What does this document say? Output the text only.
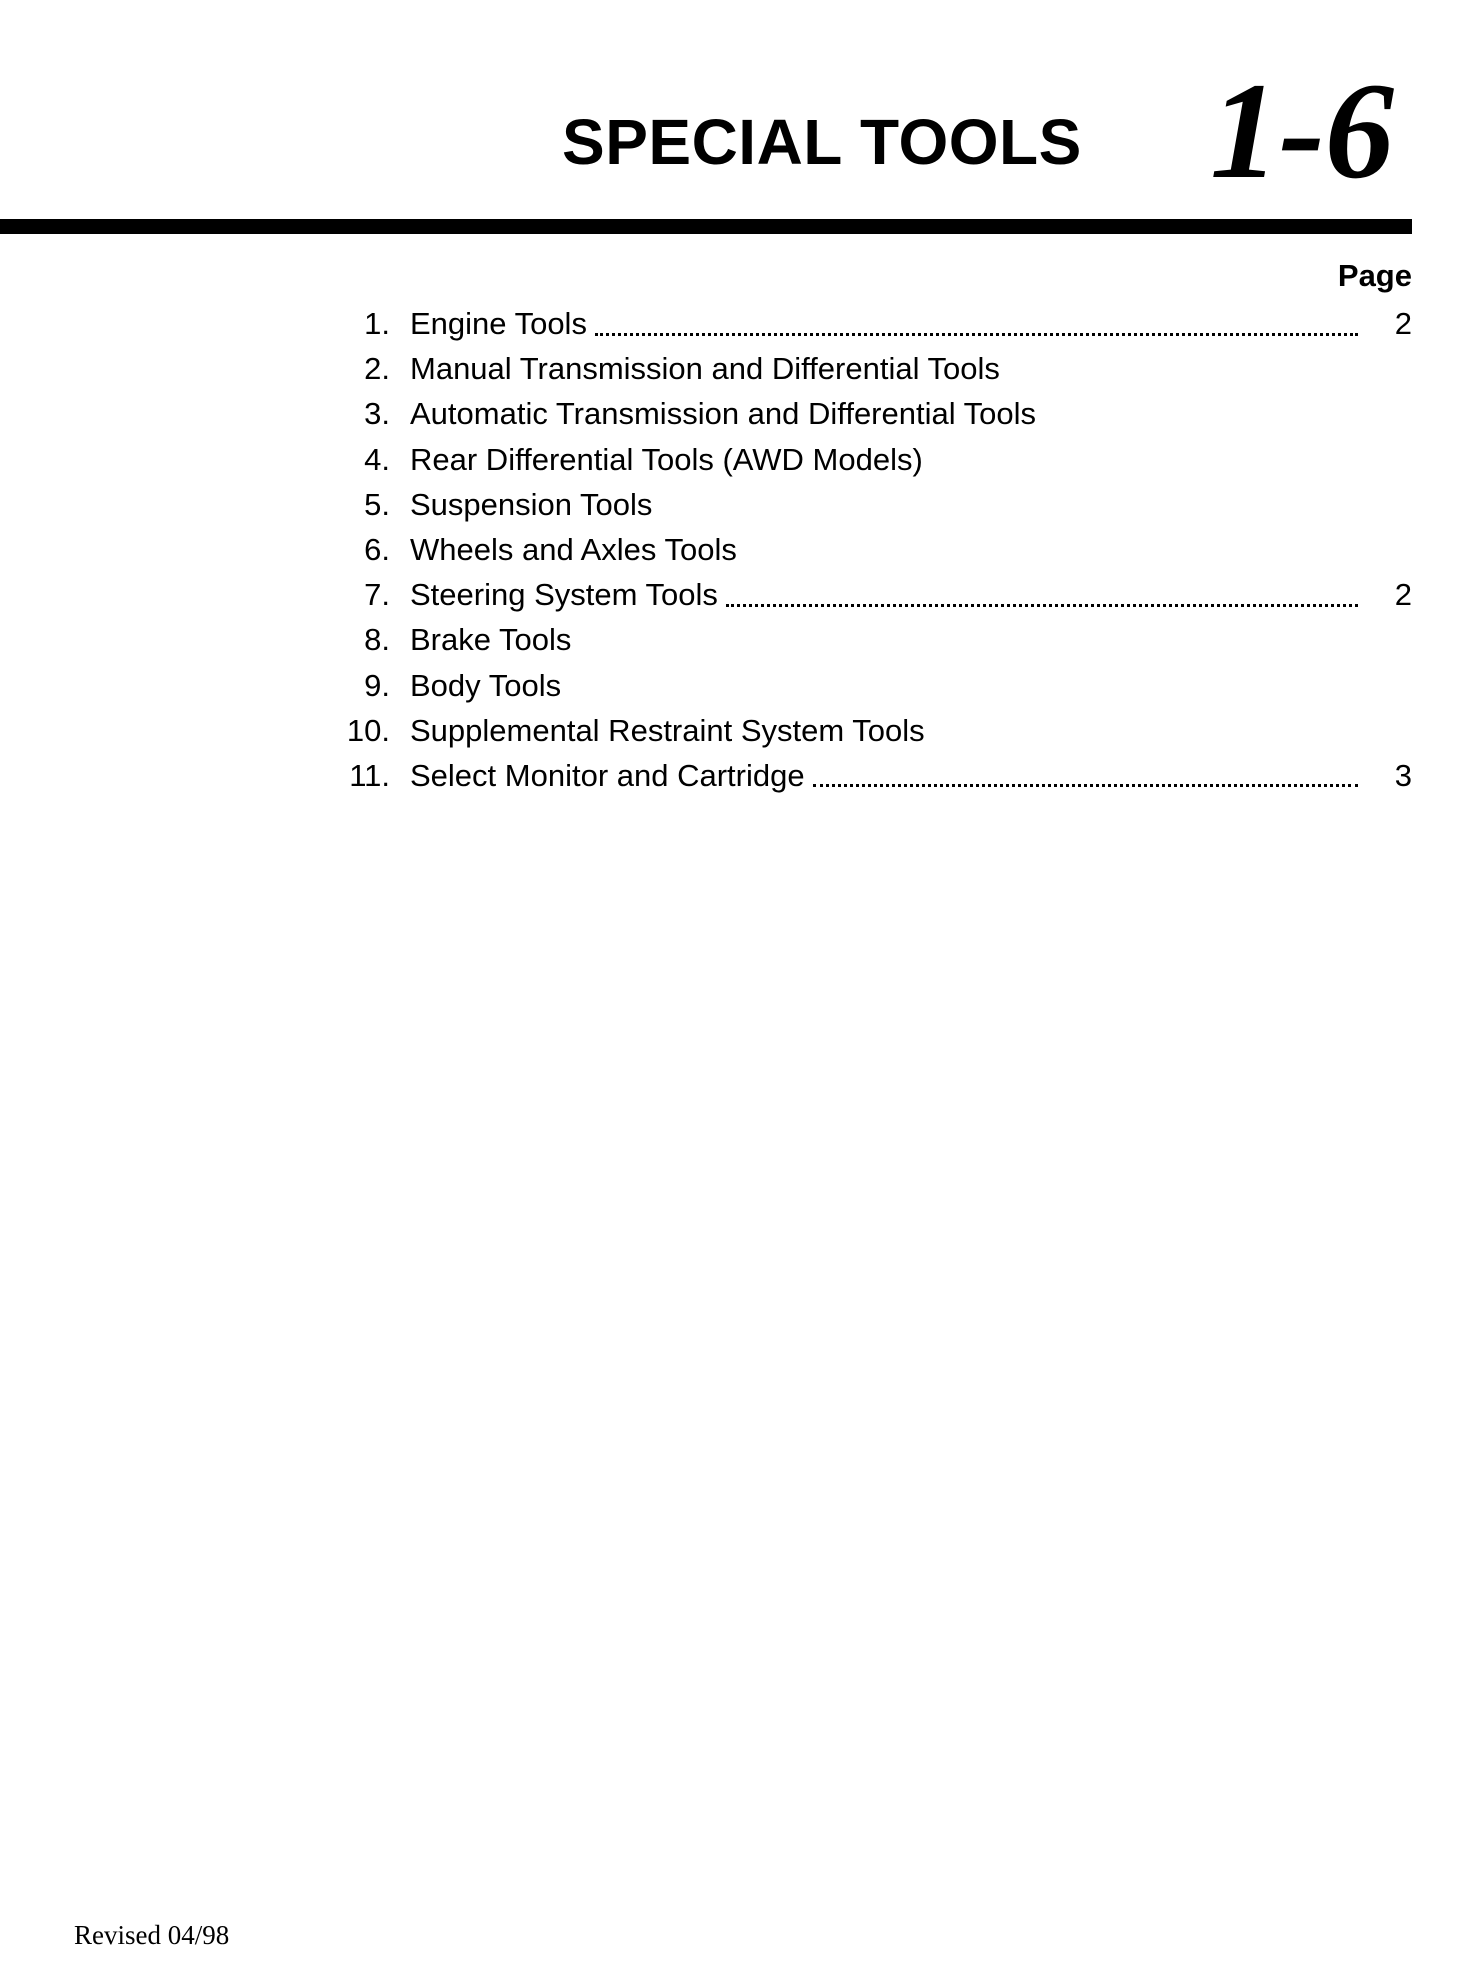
SPECIAL TOOLS 1-6
Page
1. Engine Tools	2
2. Manual Transmission and Differential Tools
3. Automatic Transmission and Differential Tools
4. Rear Differential Tools (AWD Models)
5. Suspension Tools
6. Wheels and Axles Tools
7. Steering System Tools	2
8. Brake Tools
9. Body Tools
10. Supplemental Restraint System Tools
11. Select Monitor and Cartridge	3
Revised 04/98
